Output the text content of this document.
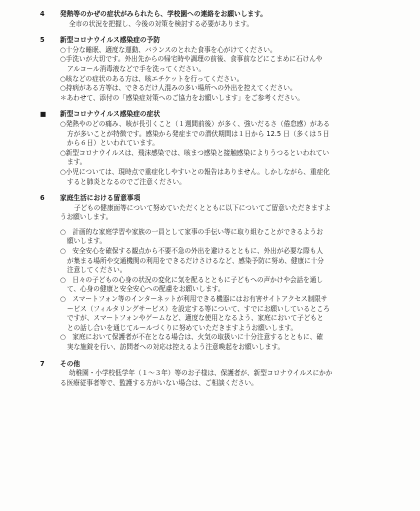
4	発熱等のかぜの症状がみられたら、学校園への連絡をお願いします。
全市の状況を把握し、今後の対策を検討する必要があります。
5	新型コロナウイルス感染症の予防
○十分な睡眠、適度な運動、バランスのとれた食事を心がけてください。
○手洗いが大切です。外出先からの帰宅時や調理の前後、食事前などにこまめに石けんや
アルコール消毒液などで手を洗ってください。
○咳などの症状のある方は、咳エチケットを行ってください。
○持病がある方等は、できるだけ人混みの多い場所への外出を控えてください。
＊あわせて、添付の「感染症対策へのご協力をお願いします」をご参考ください。
■	新型コロナウイルス感染症の症状
○発熱やのどの痛み、咳が長引くこと（１週間前後）が多く、強いだるさ（倦怠感）がある
方が多いことが特徴です。感染から発症までの潜伏期間は１日から 12.5 日（多くは５日
から６日）といわれています。
○新型コロナウイルスは、飛沫感染では、咳まつ感染と接触感染によりうつるといわれてい
ます。
○小児については、現時点で重症化しやすいとの報告はありません。しかしながら、重症化
すると肺炎となるのでご注意ください。
6	家庭生活における留意事項
子どもの健康面等について努めていただくとともに以下についてご留意いただきますよ
うお願いします。
○　計画的な家庭学習や家族の一員として家事の手伝い等に取り組むことができるようお
願いします。
○　安全安心を確保する観点から不要不急の外出を避けるとともに、外出が必要な際も人
が集まる場所や交通機関の利用をできるだけさけるなど、感染予防に努め、健康に十分
注意してください。
○　日々の子どもの心身の状況の変化に気を配るとともに子どもへの声かけや会話を通し
て、心身の健康と安全安心への配慮をお願いします。
○　スマートフォン等のインターネットが利用できる機器にはお有害サイトアクセス制限サ
ービス（フィルタリングサービス）を設定する等について、すでにお願いしているところ
ですが、スマートフォンやゲームなど、適度な使用となるよう、家庭において子どもと
との話し合いを通じてルールづくりに努めていただきますようお願いします。
○　家庭において保護者が不在となる場合は、火気の取扱いに十分注意するとともに、確
実な施錠を行い、訪問者への対応は控えるよう注意喚起をお願いします。
7	その他
幼稚園・小学校低学年（１～３年）等のお子様は、保護者が、新型コロナウイルスにかか
る医療従事者等で、監護する方がいない場合は、ご相談ください。
